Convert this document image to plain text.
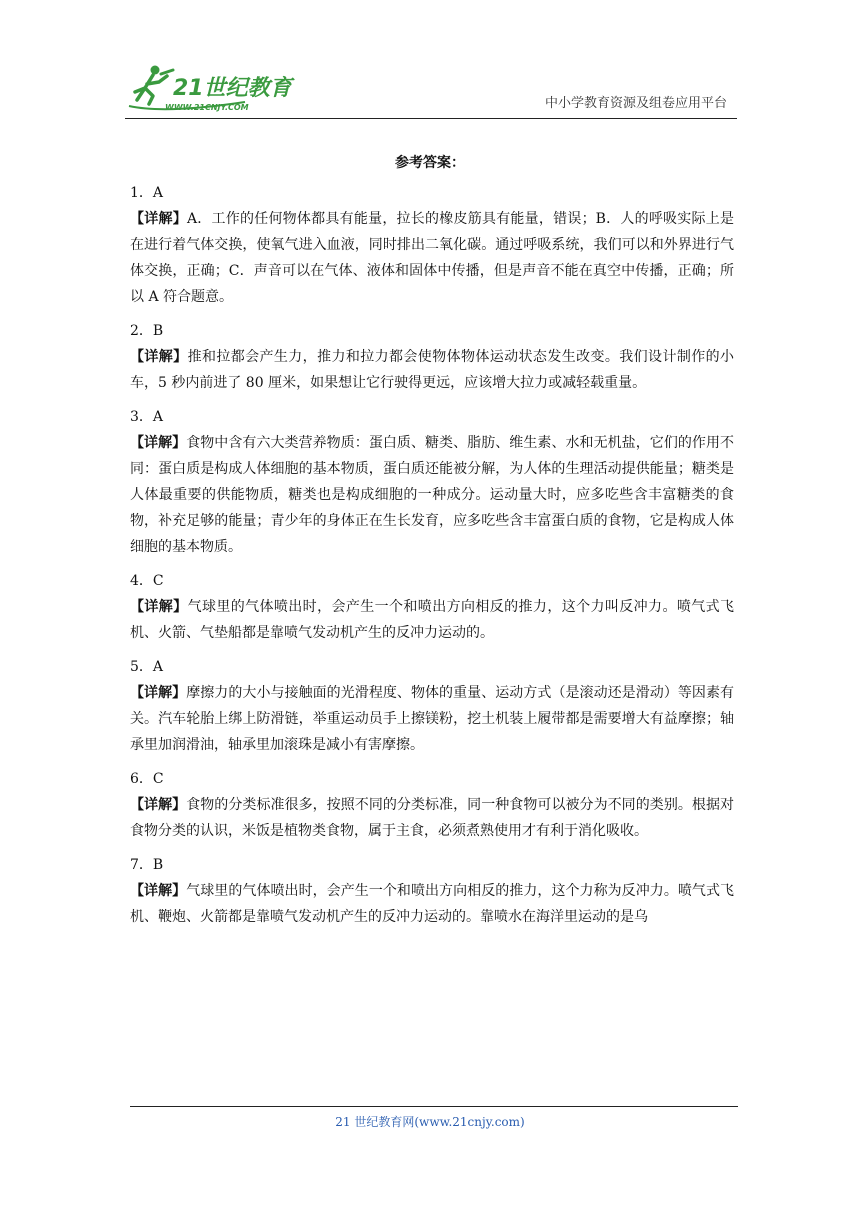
21世纪教育
WWW.21CNJY.COM	中小学教育资源及组卷应用平台
参考答案：
1．A
【详解】A．工作的任何物体都具有能量，拉长的橡皮筋具有能量，错误；B．人的呼吸实际上是在进行着气体交换，使氧气进入血液，同时排出二氧化碳。通过呼吸系统，我们可以和外界进行气体交换，正确；C．声音可以在气体、液体和固体中传播，但是声音不能在真空中传播，正确；所以 A 符合题意。
2．B
【详解】推和拉都会产生力，推力和拉力都会使物体物体运动状态发生改变。我们设计制作的小车，5 秒内前进了 80 厘米，如果想让它行驶得更远，应该增大拉力或减轻载重量。
3．A
【详解】食物中含有六大类营养物质：蛋白质、糖类、脂肪、维生素、水和无机盐，它们的作用不同：蛋白质是构成人体细胞的基本物质，蛋白质还能被分解，为人体的生理活动提供能量；糖类是人体最重要的供能物质，糖类也是构成细胞的一种成分。运动量大时，应多吃些含丰富糖类的食物，补充足够的能量；青少年的身体正在生长发育，应多吃些含丰富蛋白质的食物，它是构成人体细胞的基本物质。
4．C
【详解】气球里的气体喷出时，会产生一个和喷出方向相反的推力，这个力叫反冲力。喷气式飞机、火箭、气垫船都是靠喷气发动机产生的反冲力运动的。
5．A
【详解】摩擦力的大小与接触面的光滑程度、物体的重量、运动方式（是滚动还是滑动）等因素有关。汽车轮胎上绑上防滑链，举重运动员手上擦镁粉，挖土机装上履带都是需要增大有益摩擦；轴承里加润滑油，轴承里加滚珠是减小有害摩擦。
6．C
【详解】食物的分类标准很多，按照不同的分类标准，同一种食物可以被分为不同的类别。根据对食物分类的认识，米饭是植物类食物，属于主食，必须煮熟使用才有利于消化吸收。
7．B
【详解】气球里的气体喷出时，会产生一个和喷出方向相反的推力，这个力称为反冲力。喷气式飞机、鞭炮、火箭都是靠喷气发动机产生的反冲力运动的。靠喷水在海洋里运动的是乌
21 世纪教育网(www.21cnjy.com)
